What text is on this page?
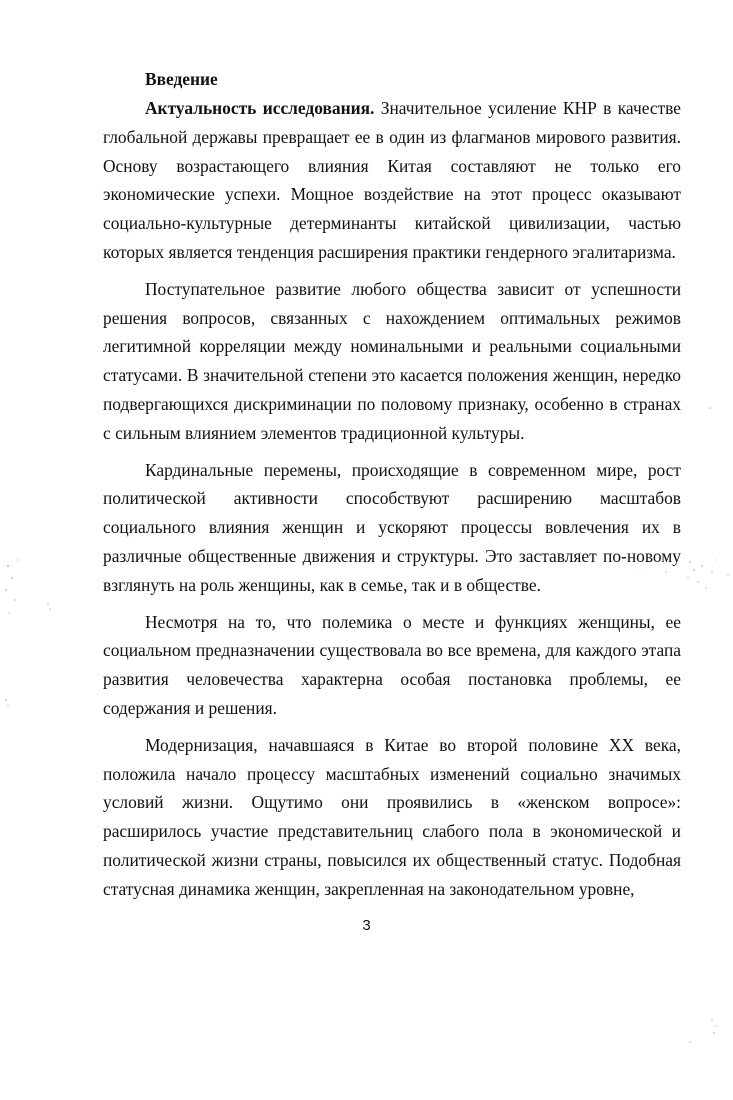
Введение

Актуальность исследования. Значительное усиление КНР в качестве глобальной державы превращает ее в один из флагманов мирового развития. Основу возрастающего влияния Китая составляют не только его экономические успехи. Мощное воздействие на этот процесс оказывают социально-культурные детерминанты китайской цивилизации, частью которых является тенденция расширения практики гендерного эгалитаризма.

Поступательное развитие любого общества зависит от успешности решения вопросов, связанных с нахождением оптимальных режимов легитимной корреляции между номинальными и реальными социальными статусами. В значительной степени это касается положения женщин, нередко подвергающихся дискриминации по половому признаку, особенно в странах с сильным влиянием элементов традиционной культуры.

Кардинальные перемены, происходящие в современном мире, рост политической активности способствуют расширению масштабов социального влияния женщин и ускоряют процессы вовлечения их в различные общественные движения и структуры. Это заставляет по-новому взглянуть на роль женщины, как в семье, так и в обществе.

Несмотря на то, что полемика о месте и функциях женщины, ее социальном предназначении существовала во все времена, для каждого этапа развития человечества характерна особая постановка проблемы, ее содержания и решения.

Модернизация, начавшаяся в Китае во второй половине XX века, положила начало процессу масштабных изменений социально значимых условий жизни. Ощутимо они проявились в «женском вопросе»: расширилось участие представительниц слабого пола в экономической и политической жизни страны, повысился их общественный статус. Подобная статусная динамика женщин, закрепленная на законодательном уровне,

3
